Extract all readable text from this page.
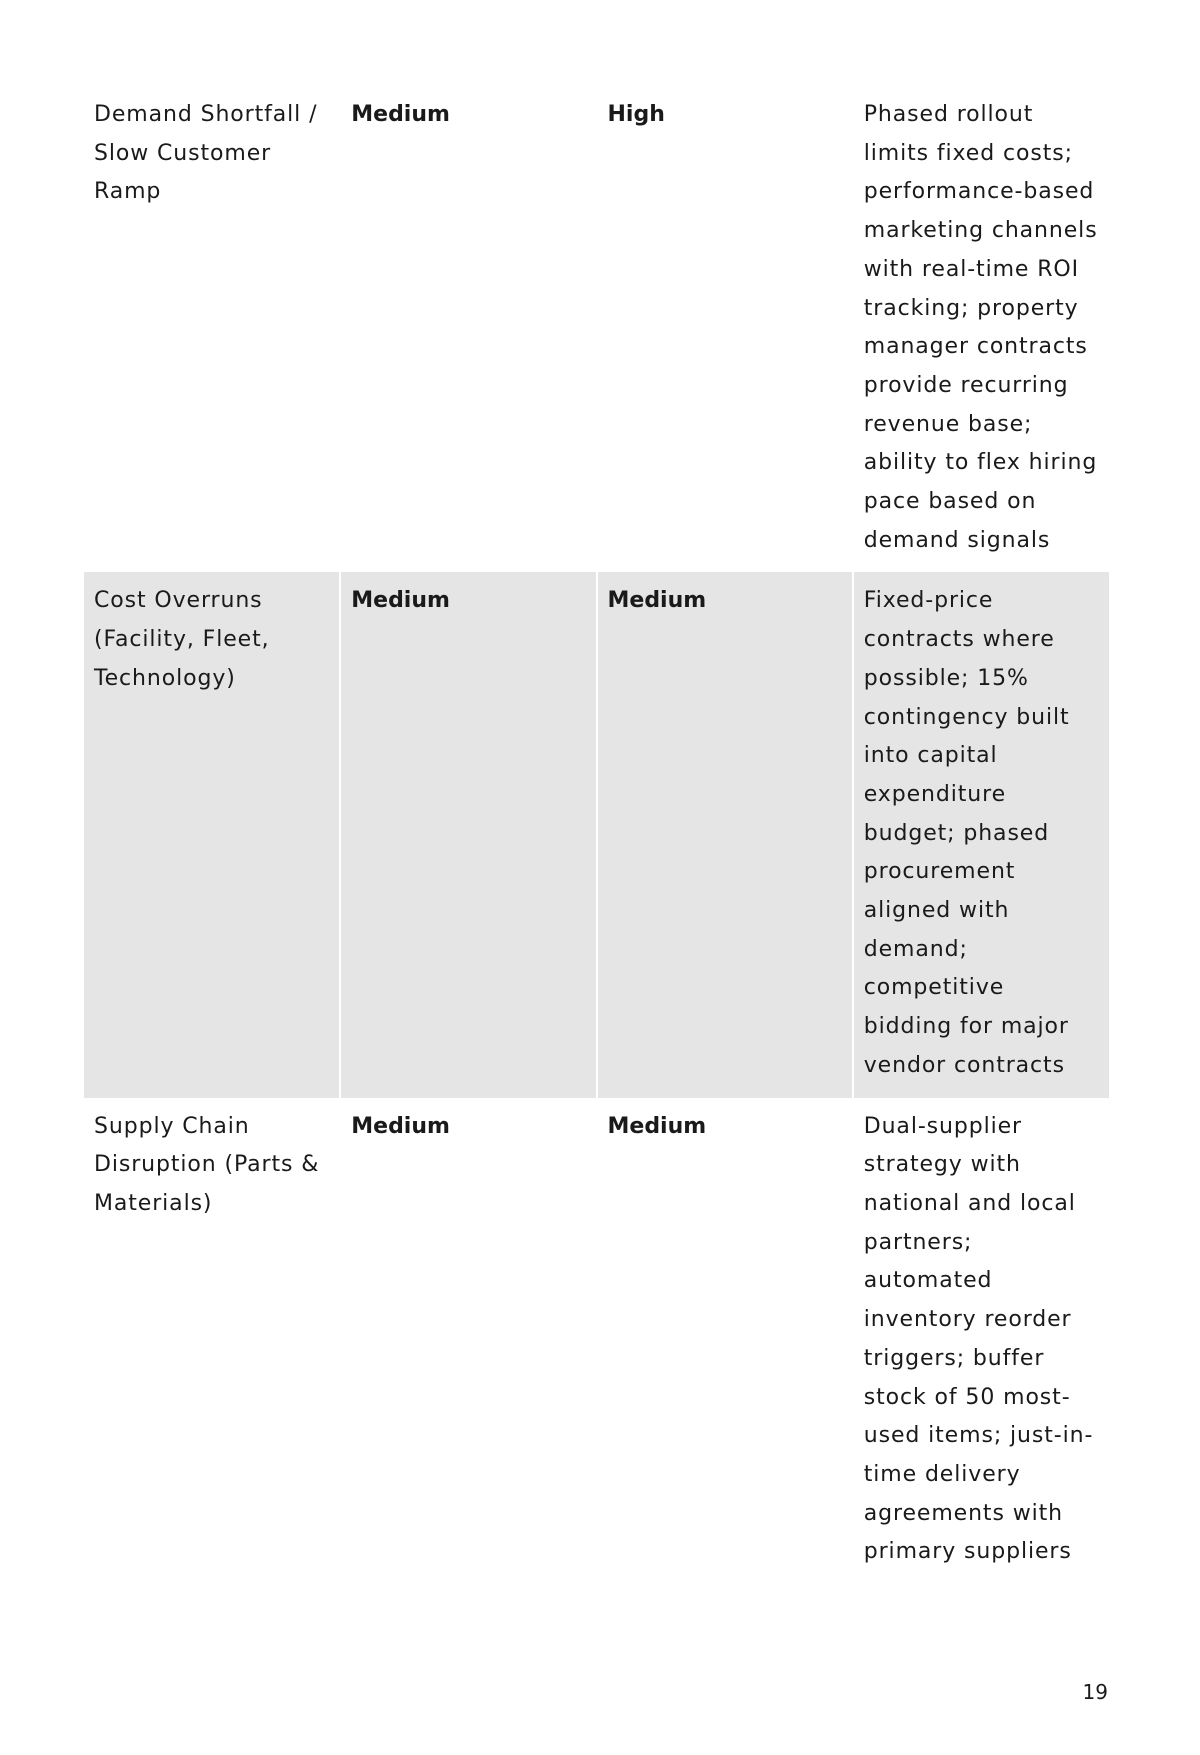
Demand Shortfall / Slow Customer Ramp	Medium	High	Phased rollout limits fixed costs; performance-based marketing channels with real-time ROI tracking; property manager contracts provide recurring revenue base; ability to flex hiring pace based on demand signals
Cost Overruns (Facility, Fleet, Technology)	Medium	Medium	Fixed-price contracts where possible; 15% contingency built into capital expenditure budget; phased procurement aligned with demand; competitive bidding for major vendor contracts
Supply Chain Disruption (Parts & Materials)	Medium	Medium	Dual-supplier strategy with national and local partners; automated inventory reorder triggers; buffer stock of 50 most-used items; just-in-time delivery agreements with primary suppliers
19
